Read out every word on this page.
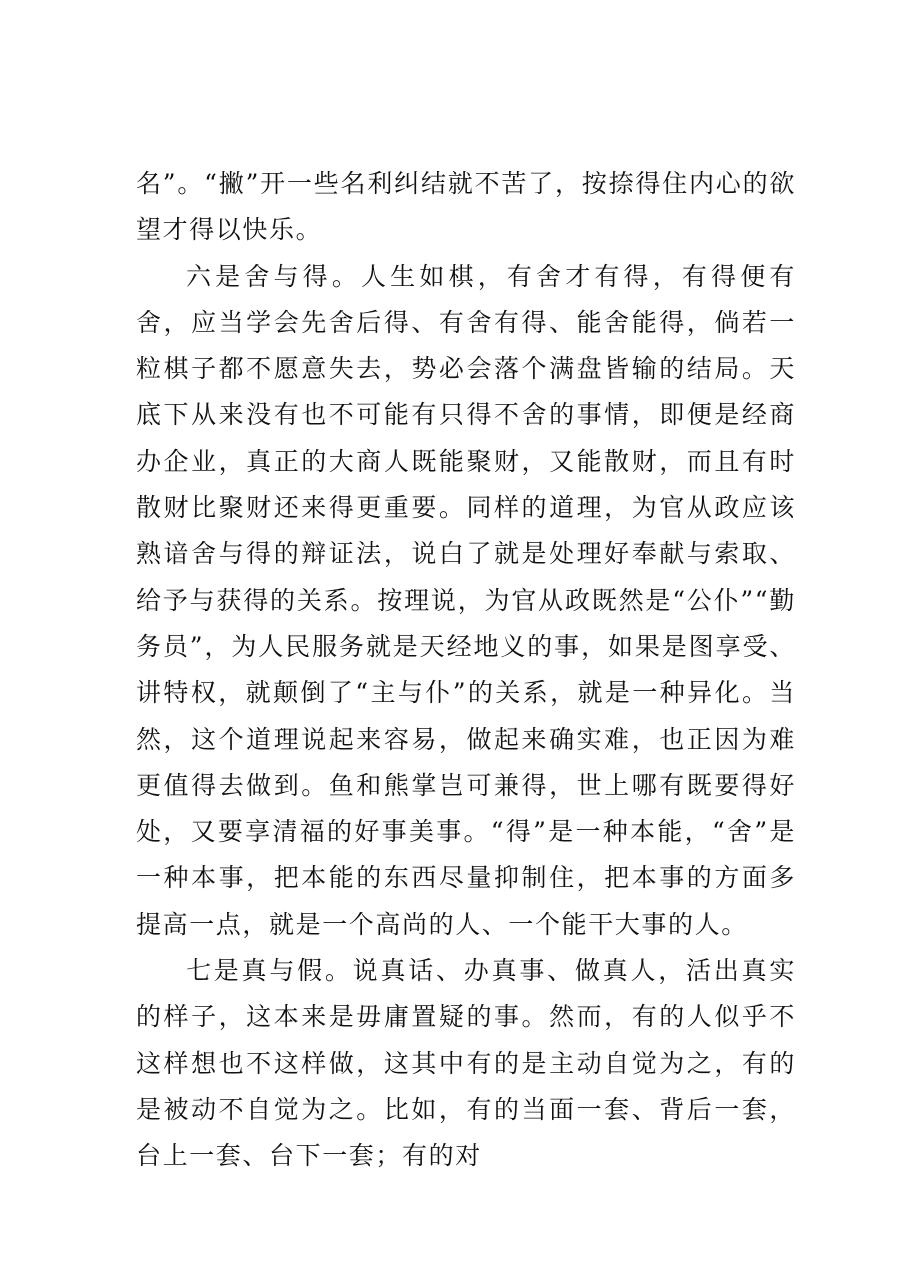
名”。“撇”开一些名利纠结就不苦了，按捺得住内心的欲望才得以快乐。

六是舍与得。人生如棋，有舍才有得，有得便有舍，应当学会先舍后得、有舍有得、能舍能得，倘若一粒棋子都不愿意失去，势必会落个满盘皆输的结局。天底下从来没有也不可能有只得不舍的事情，即便是经商办企业，真正的大商人既能聚财，又能散财，而且有时散财比聚财还来得更重要。同样的道理，为官从政应该熟谙舍与得的辩证法，说白了就是处理好奉献与索取、给予与获得的关系。按理说，为官从政既然是“公仆”“勤务员”，为人民服务就是天经地义的事，如果是图享受、讲特权，就颠倒了“主与仆”的关系，就是一种异化。当然，这个道理说起来容易，做起来确实难，也正因为难更值得去做到。鱼和熊掌岂可兼得，世上哪有既要得好处，又要享清福的好事美事。“得”是一种本能，“舍”是一种本事，把本能的东西尽量抑制住，把本事的方面多提高一点，就是一个高尚的人、一个能干大事的人。

七是真与假。说真话、办真事、做真人，活出真实的样子，这本来是毋庸置疑的事。然而，有的人似乎不这样想也不这样做，这其中有的是主动自觉为之，有的是被动不自觉为之。比如，有的当面一套、背后一套，台上一套、台下一套；有的对
